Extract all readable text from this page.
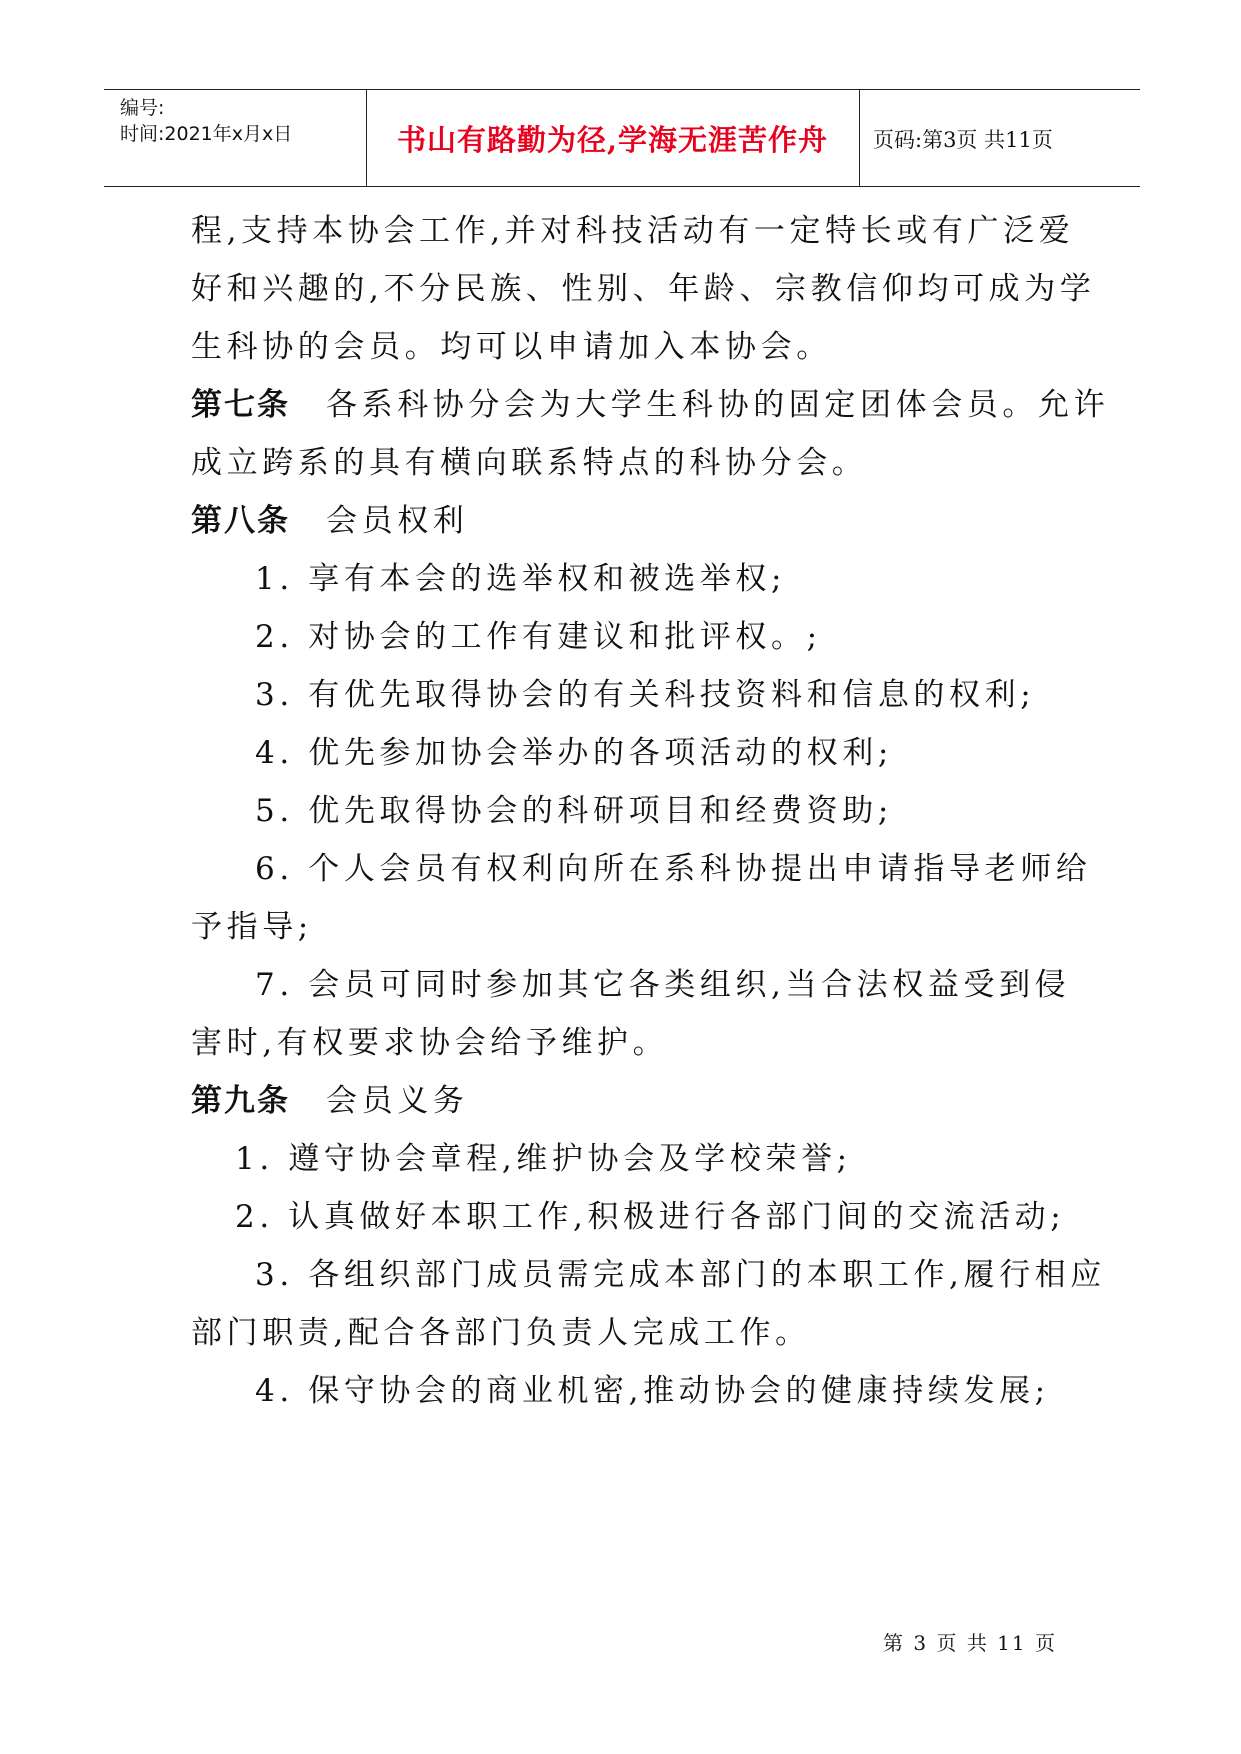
编号:
时间:2021年x月x日	书山有路勤为径,学海无涯苦作舟	页码:第3页 共11页
程,支持本协会工作,并对科技活动有一定特长或有广泛爱
好和兴趣的,不分民族、性别、年龄、宗教信仰均可成为学
生科协的会员。均可以申请加入本协会。
第七条 各系科协分会为大学生科协的固定团体会员。允许
成立跨系的具有横向联系特点的科协分会。
第八条 会员权利
1. 享有本会的选举权和被选举权;
2. 对协会的工作有建议和批评权。;
3. 有优先取得协会的有关科技资料和信息的权利;
4. 优先参加协会举办的各项活动的权利;
5. 优先取得协会的科研项目和经费资助;
6. 个人会员有权利向所在系科协提出申请指导老师给
予指导;
7. 会员可同时参加其它各类组织,当合法权益受到侵
害时,有权要求协会给予维护。
第九条 会员义务
1. 遵守协会章程,维护协会及学校荣誉;
2. 认真做好本职工作,积极进行各部门间的交流活动;
3. 各组织部门成员需完成本部门的本职工作,履行相应
部门职责,配合各部门负责人完成工作。
4. 保守协会的商业机密,推动协会的健康持续发展;
第 3 页 共 11 页
